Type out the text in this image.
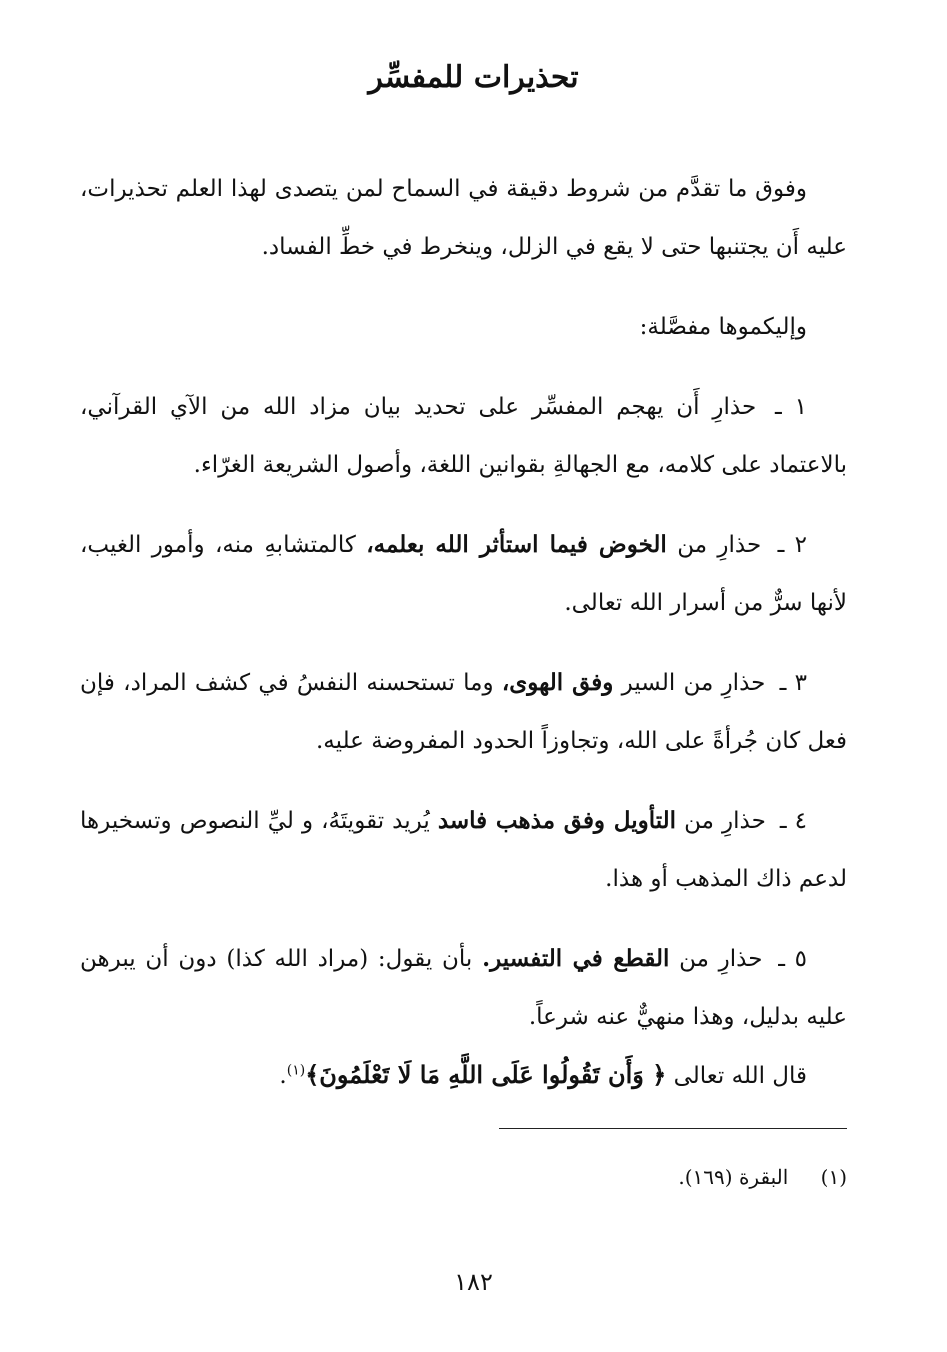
تحذيرات للمفسِّر

وفوق ما تقدَّم من شروط دقيقة في السماح لمن يتصدى لهذا العلم تحذيرات، عليه أَن يجتنبها حتى لا يقع في الزلل، وينخرط في خطِّ الفساد.

وإليكموها مفصَّلة:

١ ـ حذارِ أَن يهجم المفسِّر على تحديد بيان مزاد الله من الآي القرآني، بالاعتماد على كلامه، مع الجهالةِ بقوانين اللغة، وأصول الشريعة الغرّاء.

٢ ـ حذارِ من الخوض فيما استأثر الله بعلمه، كالمتشابهِ منه، وأمور الغيب، لأنها سرٌّ من أسرار الله تعالى.

٣ ـ حذارِ من السير وفق الهوى، وما تستحسنه النفسُ في كشف المراد، فإن فعل كان جُرأةً على الله، وتجاوزاً الحدود المفروضة عليه.

٤ ـ حذارِ من التأويل وفق مذهب فاسد يُريد تقويتَهُ، و ليِّ النصوص وتسخيرها لدعم ذاك المذهب أو هذا.

٥ ـ حذارِ من القطع في التفسير. بأن يقول: (مراد الله كذا) دون أن يبرهن عليه بدليل، وهذا منهيٌّ عنه شرعاً.

قال الله تعالى ﴿ وَأَن تَقُولُوا عَلَى اللَّهِ مَا لَا تَعْلَمُونَ﴾$^{(١)}$.

(١) البقرة (١٦٩).
١٨٢
